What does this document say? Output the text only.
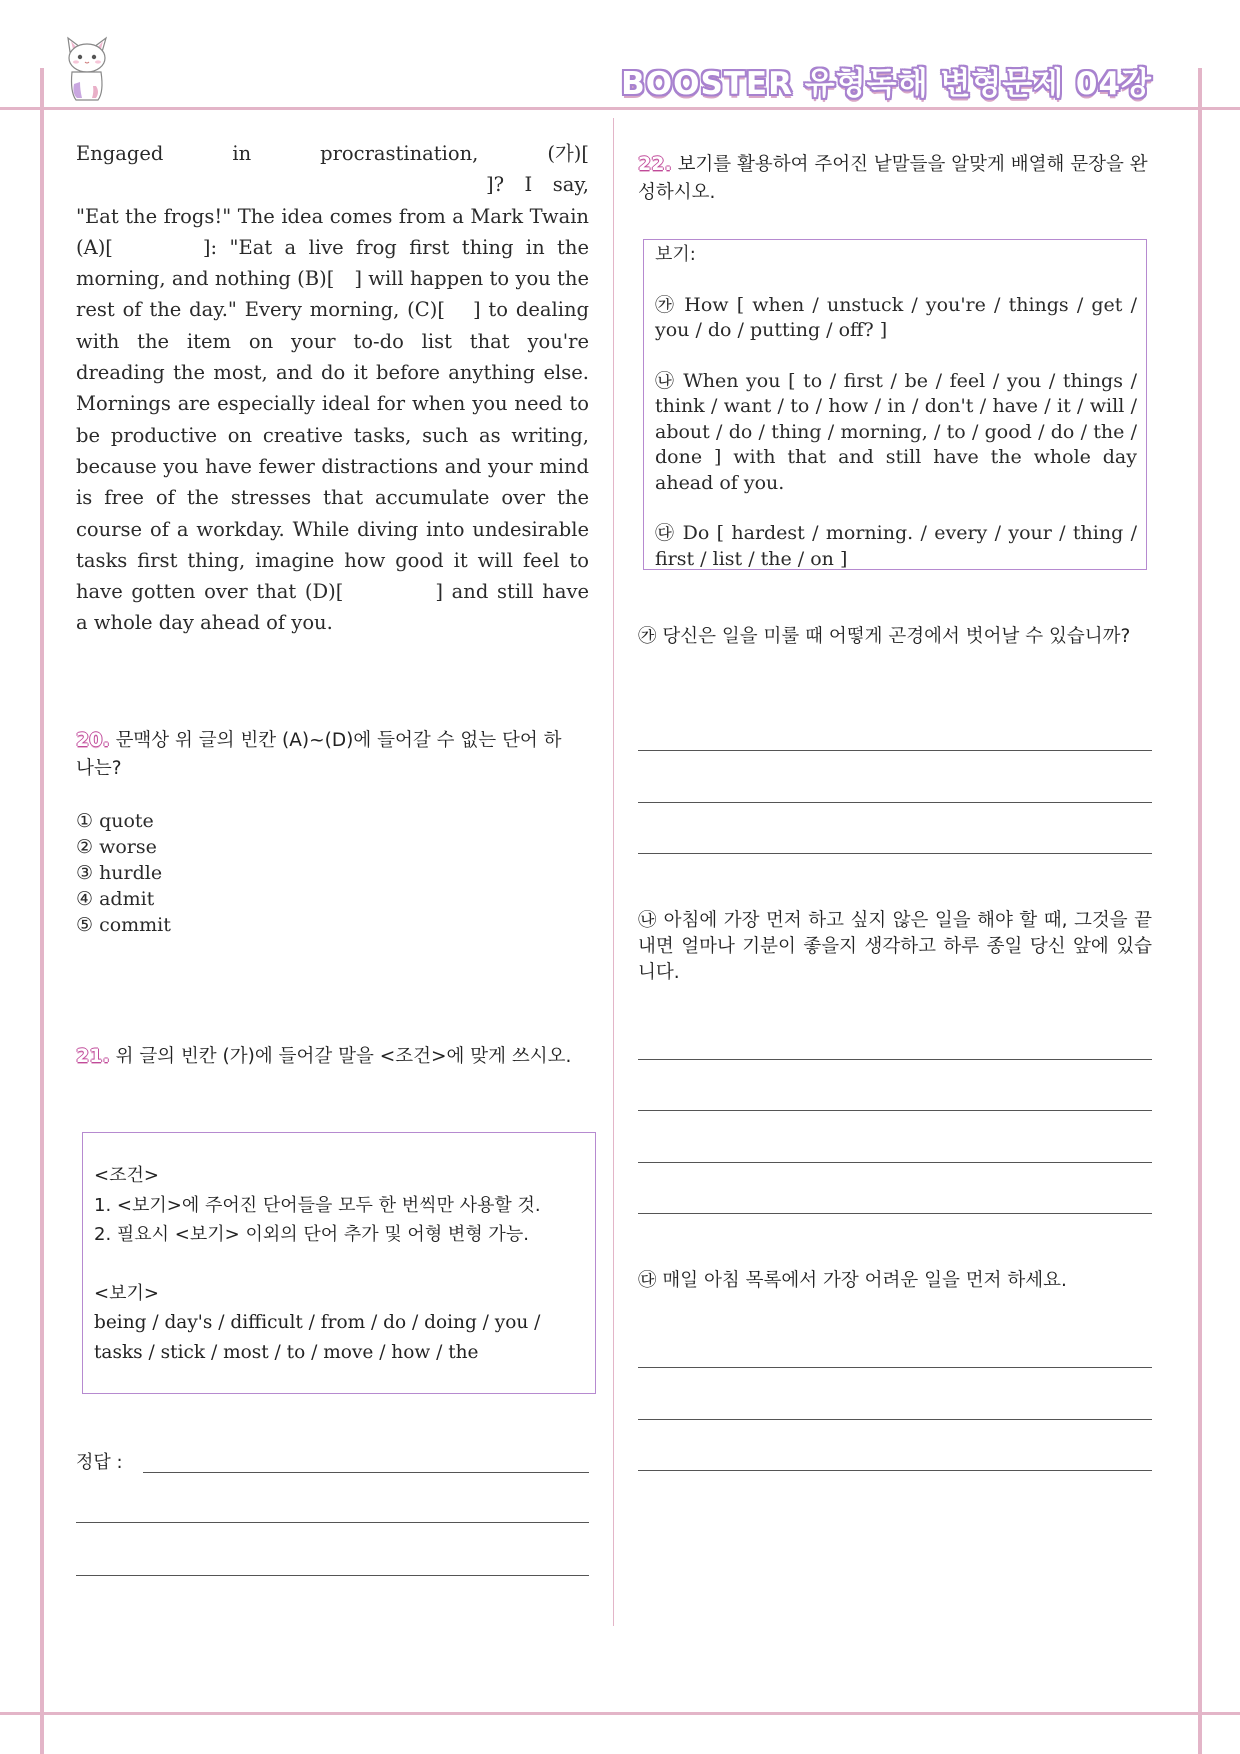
BOOSTER 유형독해 변형문제 04강
Engaged in procrastination, (가)[]? I say, "Eat the frogs!" The idea comes from a Mark Twain (A)[	]: "Eat a live frog first thing in the morning, and nothing (B)[ ] will happen to you the rest of the day." Every morning, (C)[ ] to dealing with the item on your to-do list that you're dreading the most, and do it before anything else. Mornings are especially ideal for when you need to be productive on creative tasks, such as writing, because you have fewer distractions and your mind is free of the stresses that accumulate over the course of a workday. While diving into undesirable tasks first thing, imagine how good it will feel to have gotten over that (D)[	] and still have a whole day ahead of you.
20. 문맥상 위 글의 빈칸 (A)~(D)에 들어갈 수 없는 단어 하나는?
① quote
② worse
③ hurdle
④ admit
⑤ commit
21. 위 글의 빈칸 (가)에 들어갈 말을 <조건>에 맞게 쓰시오.
<조건>
1. <보기>에 주어진 단어들을 모두 한 번씩만 사용할 것.
2. 필요시 <보기> 이외의 단어 추가 및 어형 변형 가능.
<보기>
being / day's / difficult / from / do / doing / you / tasks / stick / most / to / move / how / the
정답 :
22. 보기를 활용하여 주어진 낱말들을 알맞게 배열해 문장을 완성하시오.
보기:
㉮ How [ when / unstuck / you're / things / get / you / do / putting / off? ]
㉯ When you [ to / first / be / feel / you / things / think / want / to / how / in / don't / have / it / will / about / do / thing / morning, / to / good / do / the / done ] with that and still have the whole day ahead of you.
㉰ Do [ hardest / morning. / every / your / thing / first / list / the / on ]
㉮ 당신은 일을 미룰 때 어떻게 곤경에서 벗어날 수 있습니까?
㉯ 아침에 가장 먼저 하고 싶지 않은 일을 해야 할 때, 그것을 끝내면 얼마나 기분이 좋을지 생각하고 하루 종일 당신 앞에 있습니다.
㉰ 매일 아침 목록에서 가장 어려운 일을 먼저 하세요.
